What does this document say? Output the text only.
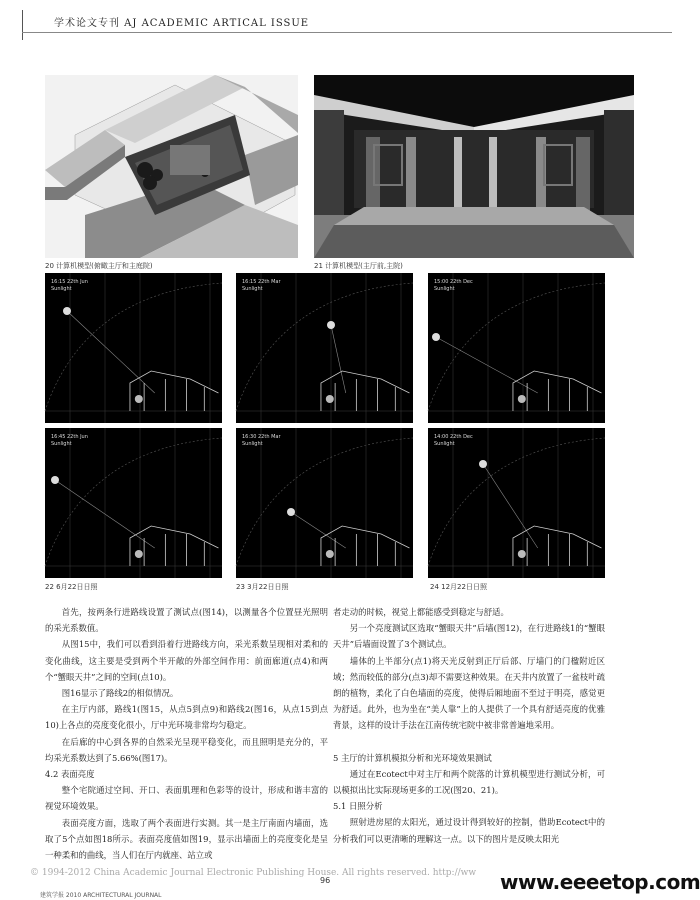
学术论文专刊 AJ ACADEMIC ARTICAL ISSUE
20 计算机模型(俯瞰主厅和主庭院)	21 计算机模型(主厅前,主院)
16:15 22th Jun
Sunlight
16:15 22th Mar
Sunlight
15:00 22th Dec
Sunlight
16:45 22th Jun
Sunlight
16:30 22th Mar
Sunlight
14:00 22th Dec
Sunlight
22 6月22日日照	23 3月22日日照	24 12月22日日照

首先，按两条行进路线设置了测试点(图14)，以测量各个位置昼光照明的采光系数值。

从图15中，我们可以看到沿着行进路线方向，采光系数呈现相对柔和的变化曲线，这主要是受到两个半开敞的外部空间作用：前面廊道(点4)和两个“蟹眼天井”之间的空间(点10)。

图16显示了路线2的相似情况。

在主厅内部，路线1(图15，从点5到点9)和路线2(图16，从点15到点10)上各点的亮度变化很小，厅中光环境非常均匀稳定。

在后廊的中心到各界的自然采光呈现平稳变化，而且照明是充分的，平均采光系数达到了5.66%(图17)。

4.2 表面亮度

整个宅院通过空间、开口、表面肌理和色彩等的设计，形成和谐丰富的视觉环境效果。

表面亮度方面，选取了两个表面进行实测。其一是主厅南面内墙面，选取了5个点如图18所示。表面亮度值如图19，显示出墙面上的亮度变化是呈一种柔和的曲线，当人们在厅内就座、站立或

者走动的时候，视觉上都能感受到稳定与舒适。

另一个亮度测试区选取“蟹眼天井”后墙(图12)，在行进路线1的“蟹眼天井”后墙面设置了3个测试点。

墙体的上半部分(点1)将天光反射到正厅后部、厅墙门的门楹附近区域；然而较低的部分(点3)却不需要这种效果。在天井内放置了一盆枝叶疏朗的植物，柔化了白色墙面的亮度，使得后厢地面不至过于明亮，感觉更为舒适。此外，也为坐在“美人靠”上的人提供了一个具有舒适亮度的优雅背景，这样的设计手法在江南传统宅院中被非常普遍地采用。

5 主厅的计算机模拟分析和光环境效果测试

通过在Ecotect中对主厅和两个院落的计算机模型进行测试分析，可以模拟出比实际现场更多的工况(图20、21)。

5.1 日照分析

照射进房屋的太阳光，通过设计得到较好的控制，借助Ecotect中的分析我们可以更清晰的理解这一点。以下的图片是反映太阳光

© 1994-2012 China Academic Journal Electronic Publishing House. All rights reserved. http://ww
96
建筑学报 2010 ARCHITECTURAL JOURNAL
www.eeeetop.com
